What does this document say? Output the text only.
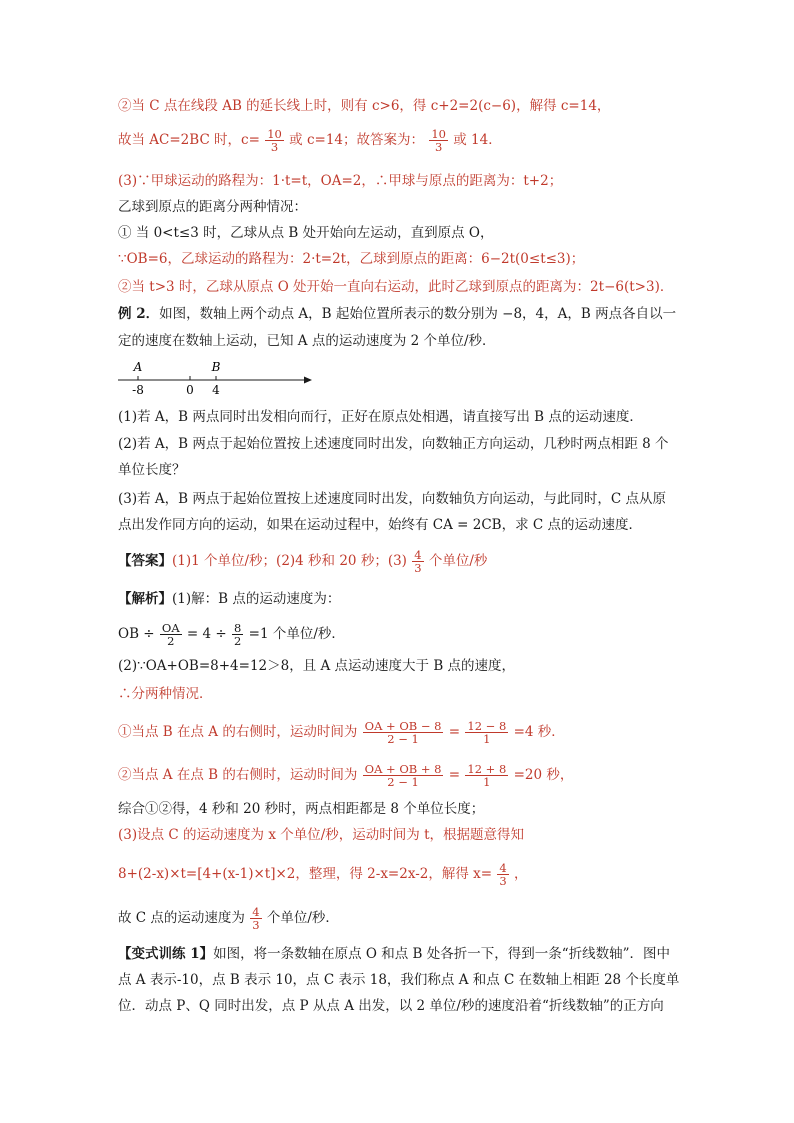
②当 C 点在线段 AB 的延长线上时，则有 c>6，得 c+2=2(c−6)，解得 c=14，
故当 AC=2BC 时，$c= \frac{10}{3}$ 或 c=14；故答案为： $\frac{10}{3}$ 或 14．
(3)∵甲球运动的路程为：1·t=t，OA=2，∴甲球与原点的距离为：t+2；
乙球到原点的距离分两种情况：
① 当 0<t≤3 时，乙球从点 B 处开始向左运动，直到原点 O，
∵OB=6，乙球运动的路程为：2·t=2t，乙球到原点的距离：6−2t(0≤t≤3)；
②当 t>3 时，乙球从原点 O 处开始一直向右运动，此时乙球到原点的距离为：2t−6(t>3)．
例 2．如图，数轴上两个动点 A，B 起始位置所表示的数分别为 −8，4，A，B 两点各自以一
定的速度在数轴上运动，已知 A 点的运动速度为 2 个单位/秒．
A
-8	0
B
4
(1)若 A，B 两点同时出发相向而行，正好在原点处相遇，请直接写出 B 点的运动速度．
(2)若 A，B 两点于起始位置按上述速度同时出发，向数轴正方向运动，几秒时两点相距 8 个
单位长度？
(3)若 A，B 两点于起始位置按上述速度同时出发，向数轴负方向运动，与此同时，C 点从原
点出发作同方向的运动，如果在运动过程中，始终有 CA = 2CB，求 C 点的运动速度．
【答案】(1)1 个单位/秒；(2)4 秒和 20 秒；$(3) \frac{4}{3}$ 个单位/秒
【解析】(1)解：B 点的运动速度为：
OB ÷ $\frac{OA}{2} = 4 \div \frac{8}{2} =1$ 个单位/秒．
(2)∵OA+OB=8+4=12＞8，且 A 点运动速度大于 B 点的速度，
∴分两种情况．
①当点 B 在点 A 的右侧时，运动时间为 $\frac{OA + OB - 8}{2 - 1} = \frac{12 - 8}{1} =4$ 秒．
②当点 A 在点 B 的右侧时，运动时间为 $\frac{OA + OB + 8}{2 - 1} = \frac{12 + 8}{1} =20$ 秒，
综合①②得，4 秒和 20 秒时，两点相距都是 8 个单位长度；
(3)设点 C 的运动速度为 x 个单位/秒，运动时间为 t，根据题意得知
8+(2-x)×t=[4+(x-1)×t]×2，整理，得 2-x=2x-2，解得 $x= \frac{4}{3}$ ，
故 C 点的运动速度为 $\frac{4}{3}$ 个单位/秒．
【变式训练 1】如图，将一条数轴在原点 O 和点 B 处各折一下，得到一条“折线数轴”．图中
点 A 表示-10，点 B 表示 10，点 C 表示 18，我们称点 A 和点 C 在数轴上相距 28 个长度单
位．动点 P、Q 同时出发，点 P 从点 A 出发，以 2 单位/秒的速度沿着“折线数轴”的正方向
